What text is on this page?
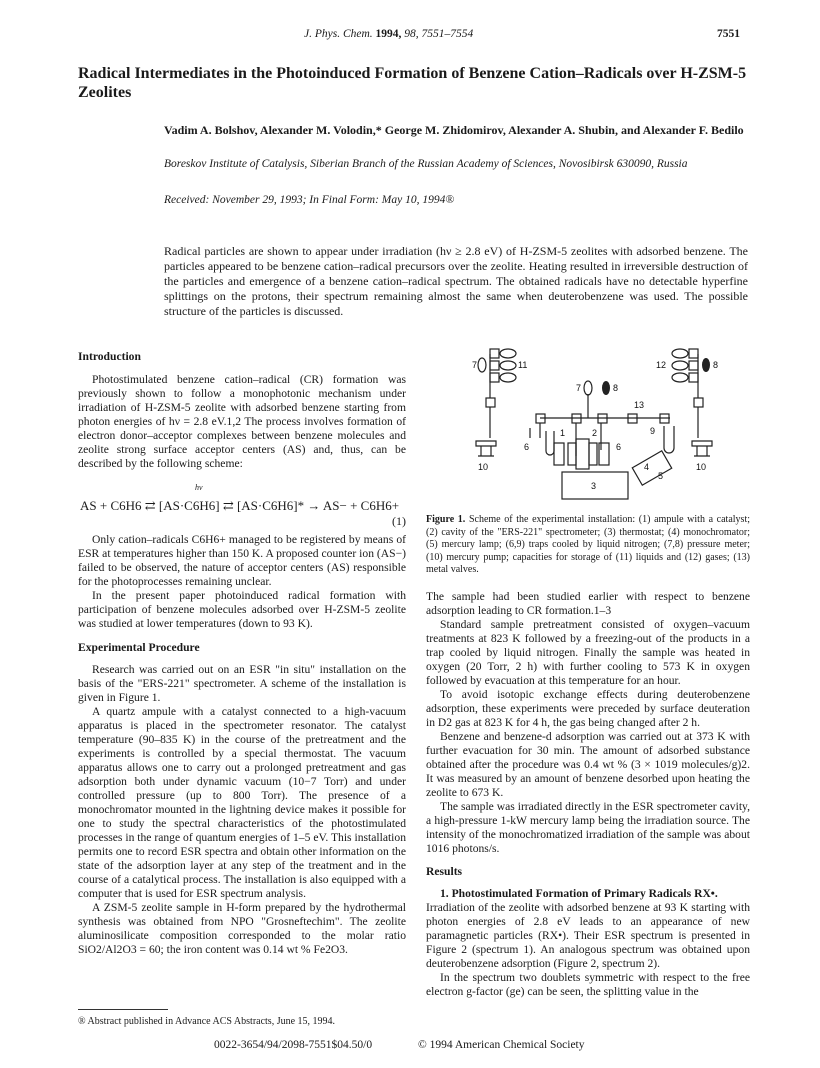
J. Phys. Chem. 1994, 98, 7551–7554	7551
Radical Intermediates in the Photoinduced Formation of Benzene Cation–Radicals over H-ZSM-5 Zeolites
Vadim A. Bolshov, Alexander M. Volodin,* George M. Zhidomirov, Alexander A. Shubin, and Alexander F. Bedilo
Boreskov Institute of Catalysis, Siberian Branch of the Russian Academy of Sciences, Novosibirsk 630090, Russia
Received: November 29, 1993; In Final Form: May 10, 1994®
Radical particles are shown to appear under irradiation (hν ≥ 2.8 eV) of H-ZSM-5 zeolites with adsorbed benzene. The particles appeared to be benzene cation–radical precursors over the zeolite. Heating resulted in irreversible destruction of the particles and emergence of a benzene cation–radical spectrum. The obtained radicals have no detectable hyperfine splittings on the protons, their spectrum remaining almost the same when deuterobenzene was used. The possible structure of the particles is discussed.

Introduction

Photostimulated benzene cation–radical (CR) formation was previously shown to follow a monophotonic mechanism under irradiation of H-ZSM-5 zeolite with adsorbed benzene starting from photon energies of hν = 2.8 eV.1,2 The process involves formation of electron donor–acceptor complexes between benzene molecules and zeolite strong surface acceptor centers (AS) and, thus, can be described by the following scheme:

Only cation–radicals C6H6+ managed to be registered by means of ESR at temperatures higher than 150 K. A proposed counter ion (AS−) failed to be observed, the nature of acceptor centers (AS) responsible for the photoprocesses remaining unclear.

In the present paper photoinduced radical formation with participation of benzene molecules adsorbed over H-ZSM-5 zeolite was studied at lower temperatures (down to 93 K).

Experimental Procedure

Research was carried out on an ESR "in situ" installation on the basis of the "ERS-221" spectrometer. A scheme of the installation is given in Figure 1.

A quartz ampule with a catalyst connected to a high-vacuum apparatus is placed in the spectrometer resonator. The catalyst temperature (90–835 K) in the course of the pretreatment and the experiments is controlled by a special thermostat. The vacuum apparatus allows one to carry out a prolonged pretreatment and gas adsorption both under dynamic vacuum (10−7 Torr) and under controlled pressure (up to 800 Torr). The presence of a monochromator mounted in the lightning device makes it possible for one to study the spectral characteristics of the photostimulated processes in the range of quantum energies of 1–5 eV. This installation permits one to record ESR spectra and obtain other information on the state of the adsorption layer at any step of the treatment and in the course of a catalytical process. The installation is also equipped with a computer that is used for ESR spectrum analysis.

A ZSM-5 zeolite sample in H-form prepared by the hydrothermal synthesis was obtained from NPO "Grosneftechim". The zeolite aluminosilicate composition corresponded to the molar ratio SiO2/Al2O3 = 60; the iron content was 0.14 wt % Fe2O3.

hν
AS + C6H6 ⇄ [AS·C6H6] ⇄ [AS·C6H6]* → AS− + C6H6+
(1)
7	11	12	8
7	8
13
1	2	9
6	6
3
4
5
10	10
Figure 1. Scheme of the experimental installation: (1) ampule with a catalyst; (2) cavity of the "ERS-221" spectrometer; (3) thermostat; (4) monochromator; (5) mercury lamp; (6,9) traps cooled by liquid nitrogen; (7,8) pressure meter; (10) mercury pump; capacities for storage of (11) liquids and (12) gases; (13) metal valves.

The sample had been studied earlier with respect to benzene adsorption leading to CR formation.1–3

Standard sample pretreatment consisted of oxygen–vacuum treatments at 823 K followed by a freezing-out of the products in a trap cooled by liquid nitrogen. Finally the sample was heated in oxygen (20 Torr, 2 h) with further cooling to 573 K in oxygen followed by evacuation at this temperature for an hour.

To avoid isotopic exchange effects during deuterobenzene adsorption, these experiments were preceded by surface deuteration in D2 gas at 823 K for 4 h, the gas being changed after 2 h.

Benzene and benzene-d adsorption was carried out at 373 K with further evacuation for 30 min. The amount of adsorbed substance obtained after the procedure was 0.4 wt % (3 × 1019 molecules/g)2. It was measured by an amount of benzene desorbed upon heating the zeolite to 673 K.

The sample was irradiated directly in the ESR spectrometer cavity, a high-pressure 1-kW mercury lamp being the irradiation source. The intensity of the monochromatized irradiation of the sample was about 1016 photons/s.

Results

1. Photostimulated Formation of Primary Radicals RX•.

Irradiation of the zeolite with adsorbed benzene at 93 K starting with photon energies of 2.8 eV leads to an appearance of new paramagnetic particles (RX•). Their ESR spectrum is presented in Figure 2 (spectrum 1). An analogous spectrum was obtained upon deuterobenzene adsorption (Figure 2, spectrum 2).

In the spectrum two doublets symmetric with respect to the free electron g-factor (ge) can be seen, the splitting value in the

® Abstract published in Advance ACS Abstracts, June 15, 1994.
0022-3654/94/2098-7551$04.50/0	© 1994 American Chemical Society
